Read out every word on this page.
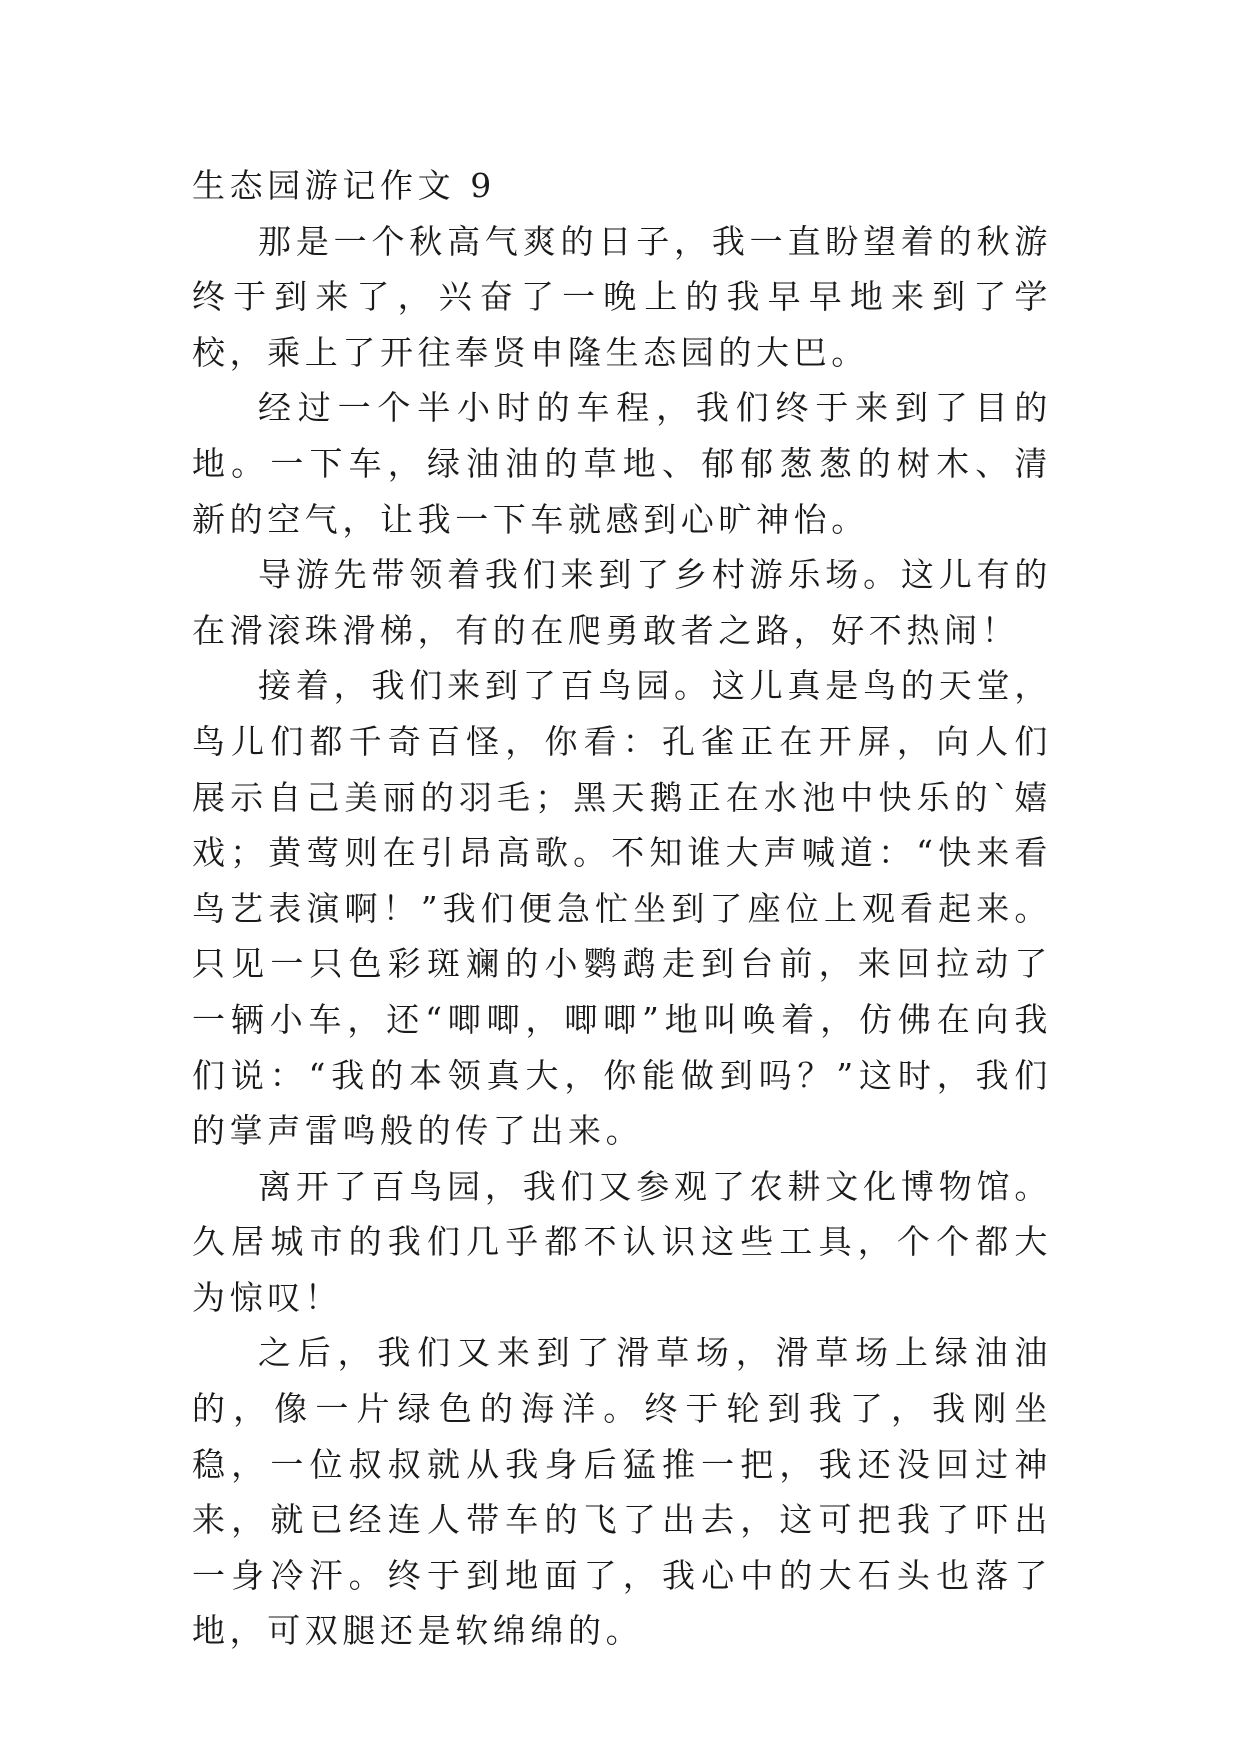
生态园游记作文 9

那是一个秋高气爽的日子，我一直盼望着的秋游终于到来了，兴奋了一晚上的我早早地来到了学校，乘上了开往奉贤申隆生态园的大巴。

经过一个半小时的车程，我们终于来到了目的地。一下车，绿油油的草地、郁郁葱葱的树木、清新的空气，让我一下车就感到心旷神怡。

导游先带领着我们来到了乡村游乐场。这儿有的在滑滚珠滑梯，有的在爬勇敢者之路，好不热闹！

接着，我们来到了百鸟园。这儿真是鸟的天堂，鸟儿们都千奇百怪，你看：孔雀正在开屏，向人们展示自己美丽的羽毛；黑天鹅正在水池中快乐的`嬉戏；黄莺则在引昂高歌。不知谁大声喊道：“快来看鸟艺表演啊！”我们便急忙坐到了座位上观看起来。只见一只色彩斑斓的小鹦鹉走到台前，来回拉动了一辆小车，还“唧唧，唧唧”地叫唤着，仿佛在向我们说：“我的本领真大，你能做到吗？”这时，我们的掌声雷鸣般的传了出来。

离开了百鸟园，我们又参观了农耕文化博物馆。久居城市的我们几乎都不认识这些工具，个个都大为惊叹！

之后，我们又来到了滑草场，滑草场上绿油油的，像一片绿色的海洋。终于轮到我了，我刚坐稳，一位叔叔就从我身后猛推一把，我还没回过神来，就已经连人带车的飞了出去，这可把我了吓出一身冷汗。终于到地面了，我心中的大石头也落了地，可双腿还是软绵绵的。
